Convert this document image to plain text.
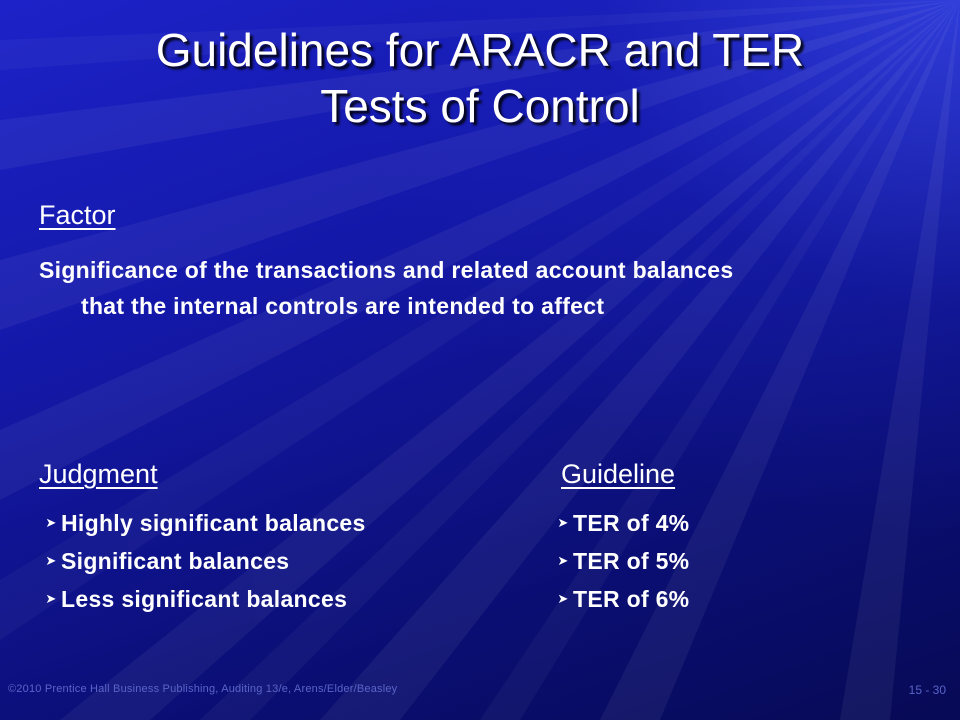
Guidelines for ARACR and TER
Tests of Control
Factor
Significance of the transactions and related account balances that the internal controls are intended to affect
Judgment	Guideline
➤ Highly significant balances
➤ Significant balances
➤ Less significant balances
➤ TER of 4%
➤ TER of 5%
➤ TER of 6%
©2010 Prentice Hall Business Publishing, Auditing 13/e, Arens/Elder/Beasley	15 - 30
